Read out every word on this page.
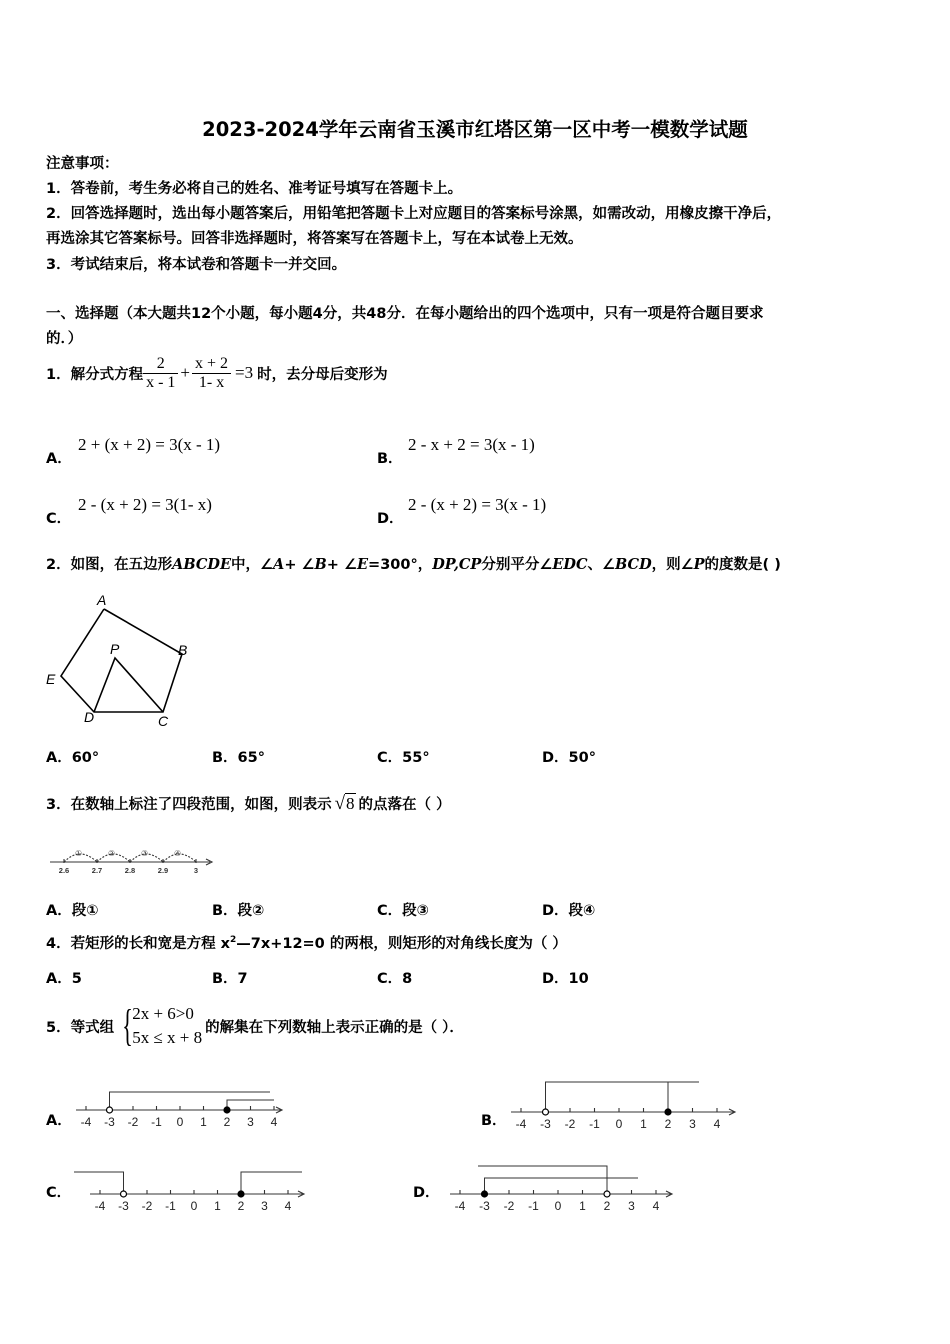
2023-2024学年云南省玉溪市红塔区第一区中考一模数学试题
注意事项：
1．答卷前，考生务必将自己的姓名、准考证号填写在答题卡上。
2．回答选择题时，选出每小题答案后，用铅笔把答题卡上对应题目的答案标号涂黑，如需改动，用橡皮擦干净后，
再选涂其它答案标号。回答非选择题时，将答案写在答题卡上，写在本试卷上无效。
3．考试结束后，将本试卷和答题卡一并交回。
一、选择题（本大题共12个小题，每小题4分，共48分．在每小题给出的四个选项中，只有一项是符合题目要求
的．）
1．解分式方程 $\frac{2}{x - 1} + \frac{x + 2}{1- x} =3$ 时，去分母后变形为
A．
2 + (x + 2) = 3(x - 1)
B．
2 - x + 2 = 3(x - 1)
C．
2 - (x + 2) = 3(1- x)
D．
2 - (x + 2) = 3(x - 1)
2．如图，在五边形ABCDE中，∠A+ ∠B+ ∠E=300°，DP,CP分别平分∠EDC、∠BCD，则∠P的度数是( )
A
B
C
D
E
P
A．60°	B．65°	C．55°	D．50°
3．在数轴上标注了四段范围，如图，则表示 √8 的点落在（ ）
①	②	③	④
2.6	2.7	2.8	2.9	3
A．段①	B．段②	C．段③	D．段④
4．若矩形的长和宽是方程 $x^2—7x+12=0$ 的两根，则矩形的对角线长度为（ ）
A．5	B．7	C．8	D．10
5．等式组 { 2x + 6>0
5x ≤ x + 8
的解集在下列数轴上表示正确的是（ ）．
A．	B．
C．	D．
-4 -3 -2 -1 0 1 2 3 4	-4 -3 -2 -1 0 1 2 3 4
-4 -3 -2 -1 0 1 2 3 4	-4 -3 -2 -1 0 1 2 3 4
